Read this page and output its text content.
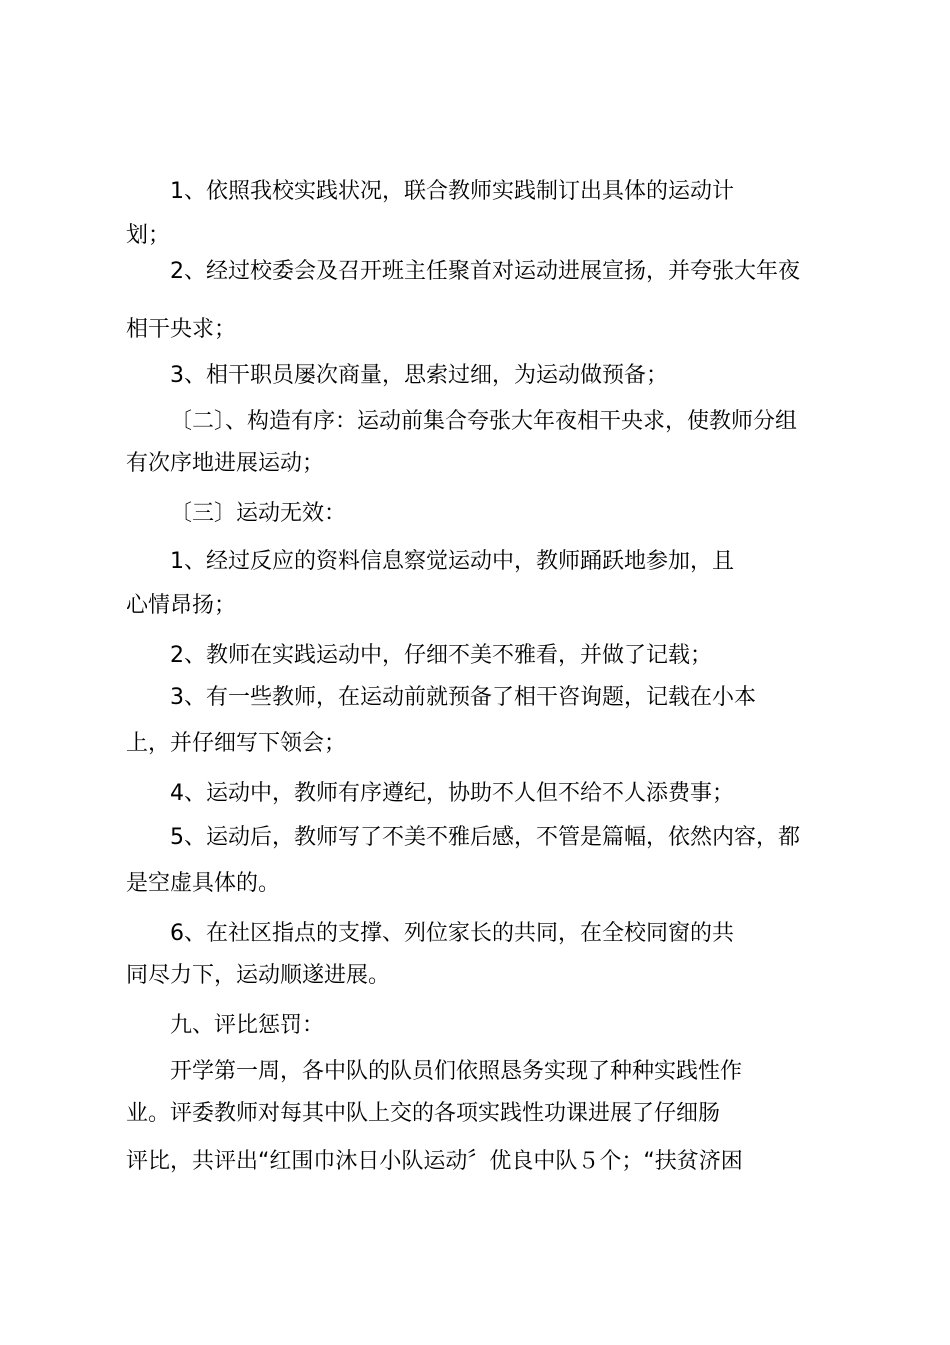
1、依照我校实践状况，联合教师实践制订出具体的运动计
划；
2、经过校委会及召开班主任聚首对运动进展宣扬，并夸张大年夜
相干央求；
3、相干职员屡次商量，思索过细，为运动做预备；
〔二〕、构造有序：运动前集合夸张大年夜相干央求，使教师分组
有次序地进展运动；
〔三〕运动无效：
1、经过反应的资料信息察觉运动中，教师踊跃地参加，且
心情昂扬；
2、教师在实践运动中，仔细不美不雅看，并做了记载；
3、有一些教师，在运动前就预备了相干咨询题，记载在小本
上，并仔细写下领会；
4、运动中，教师有序遵纪，协助不人但不给不人添费事；
5、运动后，教师写了不美不雅后感，不管是篇幅，依然内容，都
是空虚具体的。
6、在社区指点的支撑、列位家长的共同，在全校同窗的共
同尽力下，运动顺遂进展。
九、评比惩罚：
开学第一周，各中队的队员们依照恳务实现了种种实践性作
业。评委教师对每其中队上交的各项实践性功课进展了仔细肠
评比，共评出“红围巾沐日小队运动〞优良中队５个；“扶贫济困
